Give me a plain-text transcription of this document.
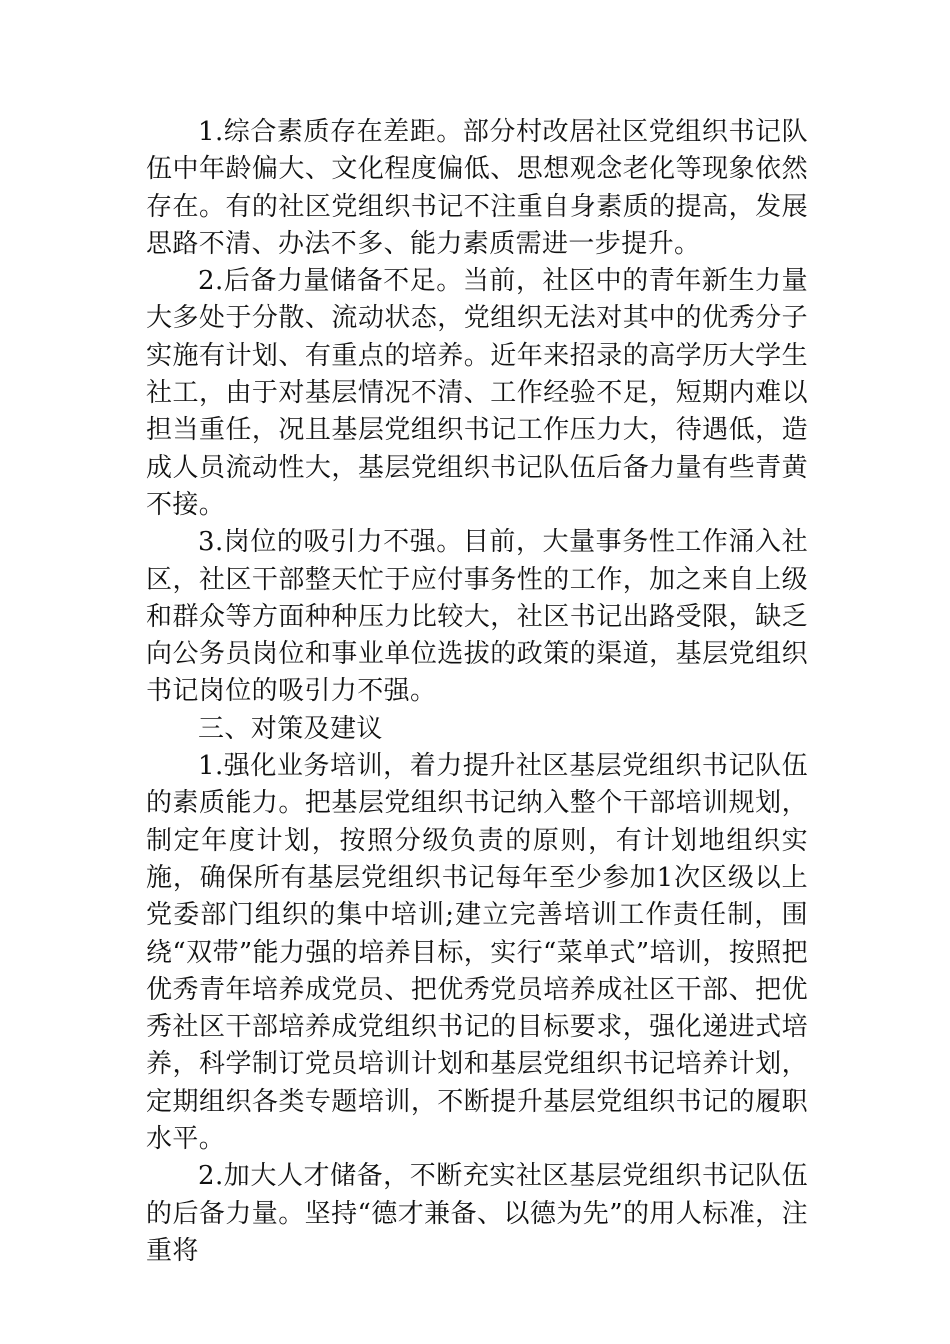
1.综合素质存在差距。部分村改居社区党组织书记队伍中年龄偏大、文化程度偏低、思想观念老化等现象依然存在。有的社区党组织书记不注重自身素质的提高，发展思路不清、办法不多、能力素质需进一步提升。

2.后备力量储备不足。当前，社区中的青年新生力量大多处于分散、流动状态，党组织无法对其中的优秀分子实施有计划、有重点的培养。近年来招录的高学历大学生社工，由于对基层情况不清、工作经验不足，短期内难以担当重任，况且基层党组织书记工作压力大，待遇低，造成人员流动性大，基层党组织书记队伍后备力量有些青黄不接。

3.岗位的吸引力不强。目前，大量事务性工作涌入社区，社区干部整天忙于应付事务性的工作，加之来自上级和群众等方面种种压力比较大，社区书记出路受限，缺乏向公务员岗位和事业单位选拔的政策的渠道，基层党组织书记岗位的吸引力不强。

三、对策及建议

1.强化业务培训，着力提升社区基层党组织书记队伍的素质能力。把基层党组织书记纳入整个干部培训规划，制定年度计划，按照分级负责的原则，有计划地组织实施，确保所有基层党组织书记每年至少参加1次区级以上党委部门组织的集中培训;建立完善培训工作责任制，围绕“双带”能力强的培养目标，实行“菜单式”培训，按照把优秀青年培养成党员、把优秀党员培养成社区干部、把优秀社区干部培养成党组织书记的目标要求，强化递进式培养，科学制订党员培训计划和基层党组织书记培养计划，定期组织各类专题培训，不断提升基层党组织书记的履职水平。

2.加大人才储备，不断充实社区基层党组织书记队伍的后备力量。坚持“德才兼备、以德为先”的用人标准，注重将
